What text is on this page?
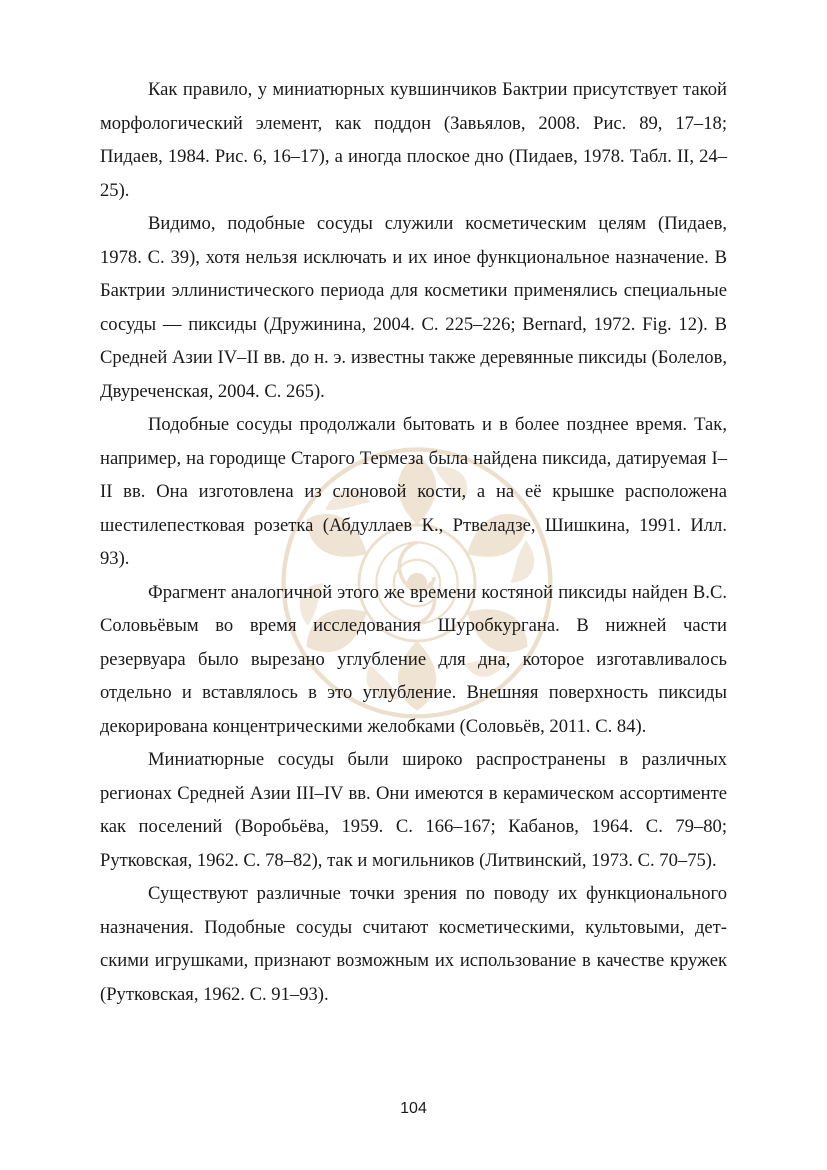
Как правило, у миниатюрных кувшинчиков Бактрии присутствует такой морфологический элемент, как поддон (Завьялов, 2008. Рис. 89, 17–18; Пидаев, 1984. Рис. 6, 16–17), а иногда плоское дно (Пидаев, 1978. Табл. II, 24–25).

Видимо, подобные сосуды служили косметическим целям (Пидаев, 1978. С. 39), хотя нельзя исключать и их иное функциональное назначение. В Бактрии эллинистического периода для косметики применялись специальные сосуды — пиксиды (Дружинина, 2004. С. 225–226; Bernard, 1972. Fig. 12). В Средней Азии IV–II вв. до н. э. известны также деревянные пиксиды (Болелов, Двуреченская, 2004. С. 265).

Подобные сосуды продолжали бытовать и в более позднее время. Так, например, на городище Старого Термеза была найдена пиксида, датируемая I–II вв. Она изготовлена из слоновой кости, а на её крышке расположена шестилепестковая розетка (Абдуллаев К., Ртвеладзе, Шишкина, 1991. Илл. 93).

Фрагмент аналогичной этого же времени костяной пиксиды найден В.С. Соловьёвым во время исследования Шуробкургана. В нижней части резервуара было вырезано углубление для дна, которое изготавливалось отдельно и вставлялось в это углубление. Внешняя поверхность пиксиды декорирована концентрическими желобками (Соловьёв, 2011. С. 84).

Миниатюрные сосуды были широко распространены в различных регионах Средней Азии III–IV вв. Они имеются в керамическом ассортименте как поселений (Воробьёва, 1959. С. 166–167; Кабанов, 1964. С. 79–80; Рутковская, 1962. С. 78–82), так и могильников (Литвинский, 1973. С. 70–75).

Существуют различные точки зрения по поводу их функционального назначения. Подобные сосуды считают косметическими, культовыми, детскими игрушками, признают возможным их использование в качестве кружек (Рутковская, 1962. С. 91–93).

104
